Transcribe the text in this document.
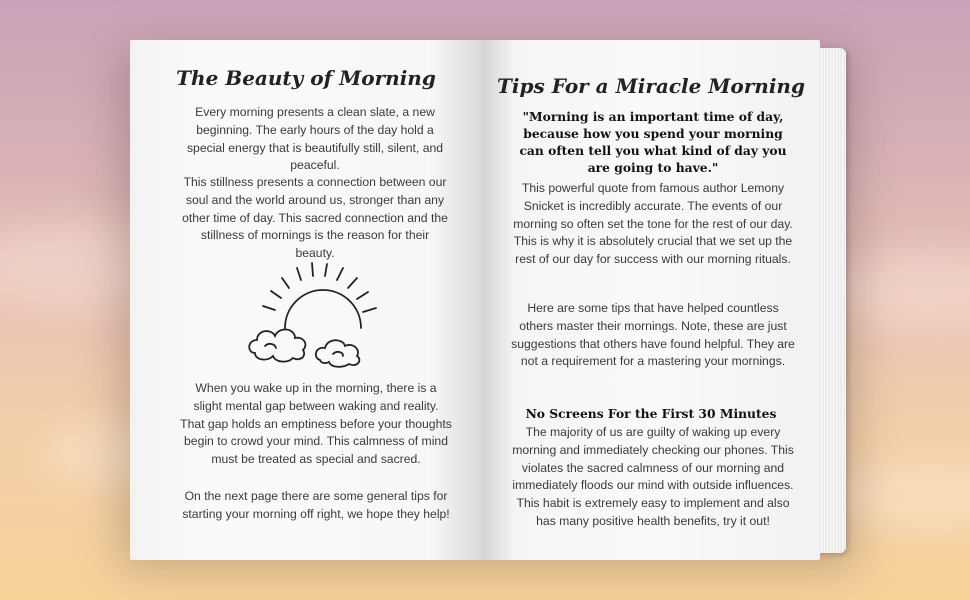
The Beauty of Morning

Every morning presents a clean slate, a new beginning. The early hours of the day hold a special energy that is beautifully still, silent, and peaceful.

This stillness presents a connection between our soul and the world around us, stronger than any other time of day. This sacred connection and the stillness of mornings is the reason for their beauty.

When you wake up in the morning, there is a slight mental gap between waking and reality. That gap holds an emptiness before your thoughts begin to crowd your mind. This calmness of mind must be treated as special and sacred.

On the next page there are some general tips for starting your morning off right, we hope they help!

Tips For a Miracle Morning

"Morning is an important time of day, because how you spend your morning can often tell you what kind of day you are going to have."

This powerful quote from famous author Lemony Snicket is incredibly accurate. The events of our morning so often set the tone for the rest of our day. This is why it is absolutely crucial that we set up the rest of our day for success with our morning rituals.

Here are some tips that have helped countless others master their mornings. Note, these are just suggestions that others have found helpful. They are not a requirement for a mastering your mornings.

No Screens For the First 30 Minutes

The majority of us are guilty of waking up every morning and immediately checking our phones. This violates the sacred calmness of our morning and immediately floods our mind with outside influences. This habit is extremely easy to implement and also has many positive health benefits, try it out!
